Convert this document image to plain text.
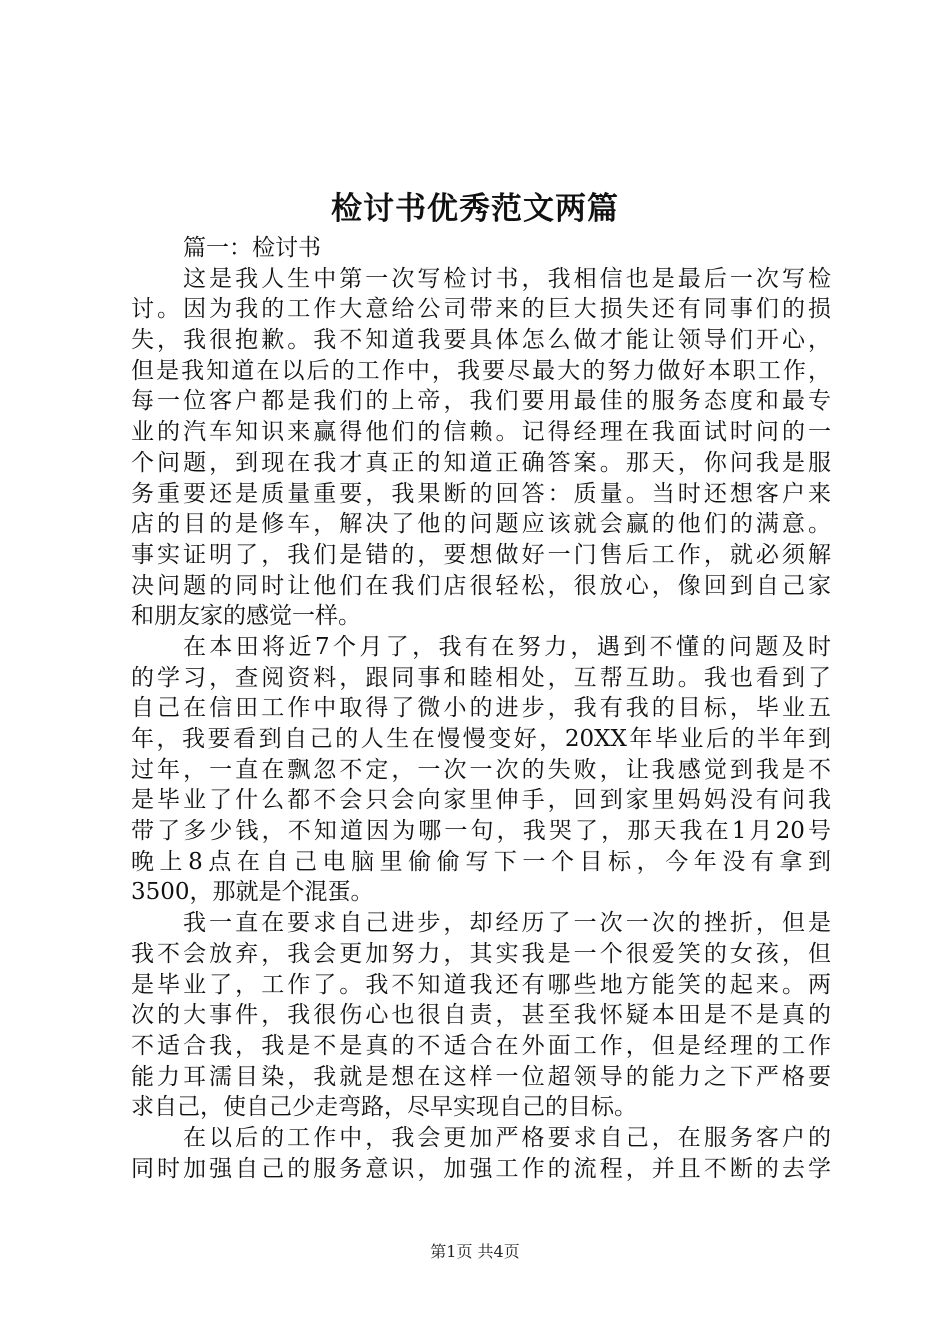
检讨书优秀范文两篇
篇一：检讨书
这是我人生中第一次写检讨书，我相信也是最后一次写检
讨。因为我的工作大意给公司带来的巨大损失还有同事们的损
失，我很抱歉。我不知道我要具体怎么做才能让领导们开心，
但是我知道在以后的工作中，我要尽最大的努力做好本职工作，
每一位客户都是我们的上帝，我们要用最佳的服务态度和最专
业的汽车知识来赢得他们的信赖。记得经理在我面试时问的一
个问题，到现在我才真正的知道正确答案。那天，你问我是服
务重要还是质量重要，我果断的回答：质量。当时还想客户来
店的目的是修车，解决了他的问题应该就会赢的他们的满意。
事实证明了，我们是错的，要想做好一门售后工作，就必须解
决问题的同时让他们在我们店很轻松，很放心，像回到自己家
和朋友家的感觉一样。
在本田将近7个月了，我有在努力，遇到不懂的问题及时
的学习，查阅资料，跟同事和睦相处，互帮互助。我也看到了
自己在信田工作中取得了微小的进步，我有我的目标，毕业五
年，我要看到自己的人生在慢慢变好，20XX年毕业后的半年到
过年，一直在飘忽不定，一次一次的失败，让我感觉到我是不
是毕业了什么都不会只会向家里伸手，回到家里妈妈没有问我
带了多少钱，不知道因为哪一句，我哭了，那天我在1月20号
晚上8点在自己电脑里偷偷写下一个目标，今年没有拿到
3500，那就是个混蛋。
我一直在要求自己进步，却经历了一次一次的挫折，但是
我不会放弃，我会更加努力，其实我是一个很爱笑的女孩，但
是毕业了，工作了。我不知道我还有哪些地方能笑的起来。两
次的大事件，我很伤心也很自责，甚至我怀疑本田是不是真的
不适合我，我是不是真的不适合在外面工作，但是经理的工作
能力耳濡目染，我就是想在这样一位超领导的能力之下严格要
求自己，使自己少走弯路，尽早实现自己的目标。
在以后的工作中，我会更加严格要求自己，在服务客户的
同时加强自己的服务意识，加强工作的流程，并且不断的去学
第1页 共4页
